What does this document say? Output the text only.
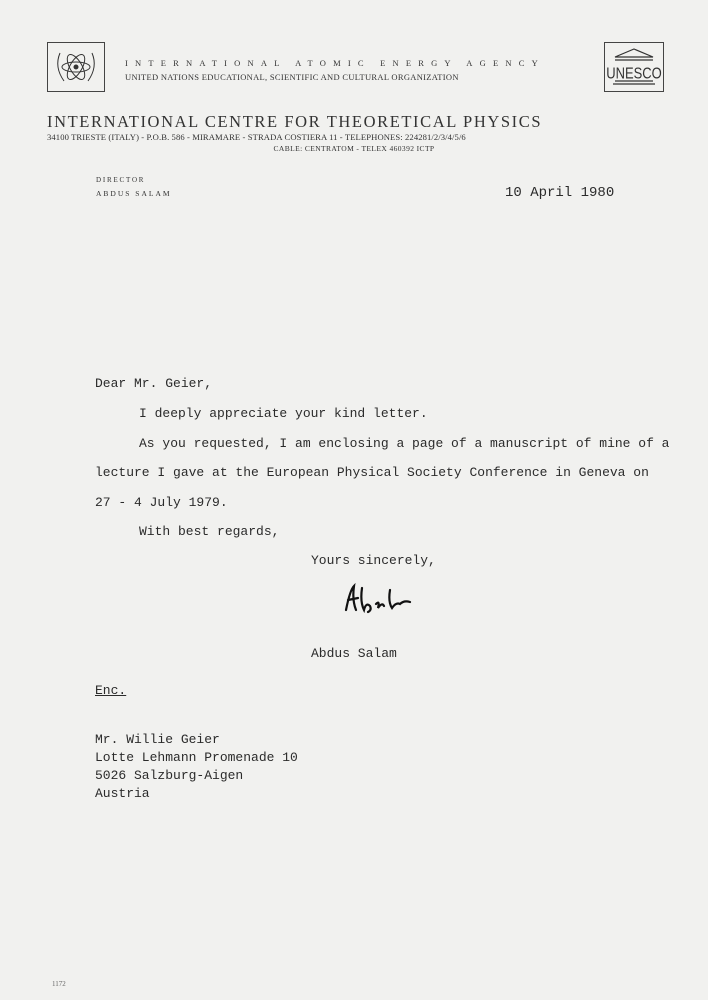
UNESCO
INTERNATIONAL ATOMIC ENERGY AGENCY
UNITED NATIONS EDUCATIONAL, SCIENTIFIC AND CULTURAL ORGANIZATION
INTERNATIONAL CENTRE FOR THEORETICAL PHYSICS
34100 TRIESTE (ITALY) - P.O.B. 586 - MIRAMARE - STRADA COSTIERA 11 - TELEPHONES: 224281/2/3/4/5/6
CABLE: CENTRATOM - TELEX 460392 ICTP
DIRECTOR
ABDUS SALAM	10 April 1980
Dear Mr. Geier,
I deeply appreciate your kind letter.
As you requested, I am enclosing a page of a manuscript of mine of a
lecture I gave at the European Physical Society Conference in Geneva on
27 - 4 July 1979.
With best regards,
Yours sincerely,
Abdus Salam
Enc.
Mr. Willie Geier
Lotte Lehmann Promenade 10
5026 Salzburg-Aigen
Austria
1172
